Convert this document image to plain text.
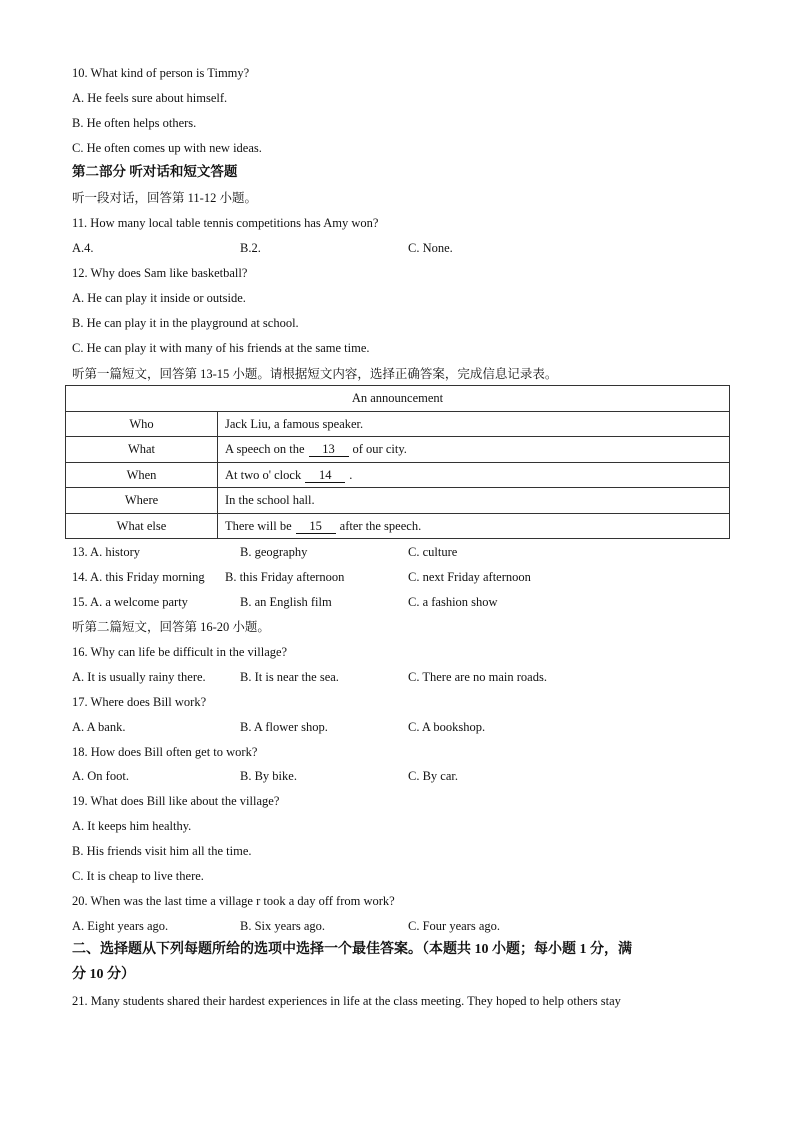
10. What kind of person is Timmy?
A. He feels sure about himself.
B. He often helps others.
C. He often comes up with new ideas.
第二部分 听对话和短文答题
听一段对话，回答第 11-12 小题。
11. How many local table tennis competitions has Amy won?
A.4.	B.2.	C. None.
12. Why does Sam like basketball?
A. He can play it inside or outside.
B. He can play it in the playground at school.
C. He can play it with many of his friends at the same time.
听第一篇短文，回答第 13-15 小题。请根据短文内容，选择正确答案，完成信息记录表。
An announcement	
Who	Jack Liu, a famous speaker.
What	A speech on the 13 of our city.
When	At two o' clock 14 .
Where	In the school hall.
What else	There will be 15 after the speech.
13. A. history	B. geography	C. culture
14. A. this Friday morning B. this Friday afternoon	C. next Friday afternoon
15. A. a welcome party	B. an English film	C. a fashion show
听第二篇短文，回答第 16-20 小题。
16. Why can life be difficult in the village?
A. It is usually rainy there.	B. It is near the sea.	C. There are no main roads.
17. Where does Bill work?
A. A bank.	B. A flower shop.	C. A bookshop.
18. How does Bill often get to work?
A. On foot.	B. By bike.	C. By car.
19. What does Bill like about the village?
A. It keeps him healthy.
B. His friends visit him all the time.
C. It is cheap to live there.
20. When was the last time a village r took a day off from work?
A. Eight years ago.	B. Six years ago.	C. Four years ago.
二、选择题从下列每题所给的选项中选择一个最佳答案。（本题共 10 小题；每小题 1 分，满
分 10 分）
21. Many students shared their hardest experiences in life at the class meeting. They hoped to help others stay
